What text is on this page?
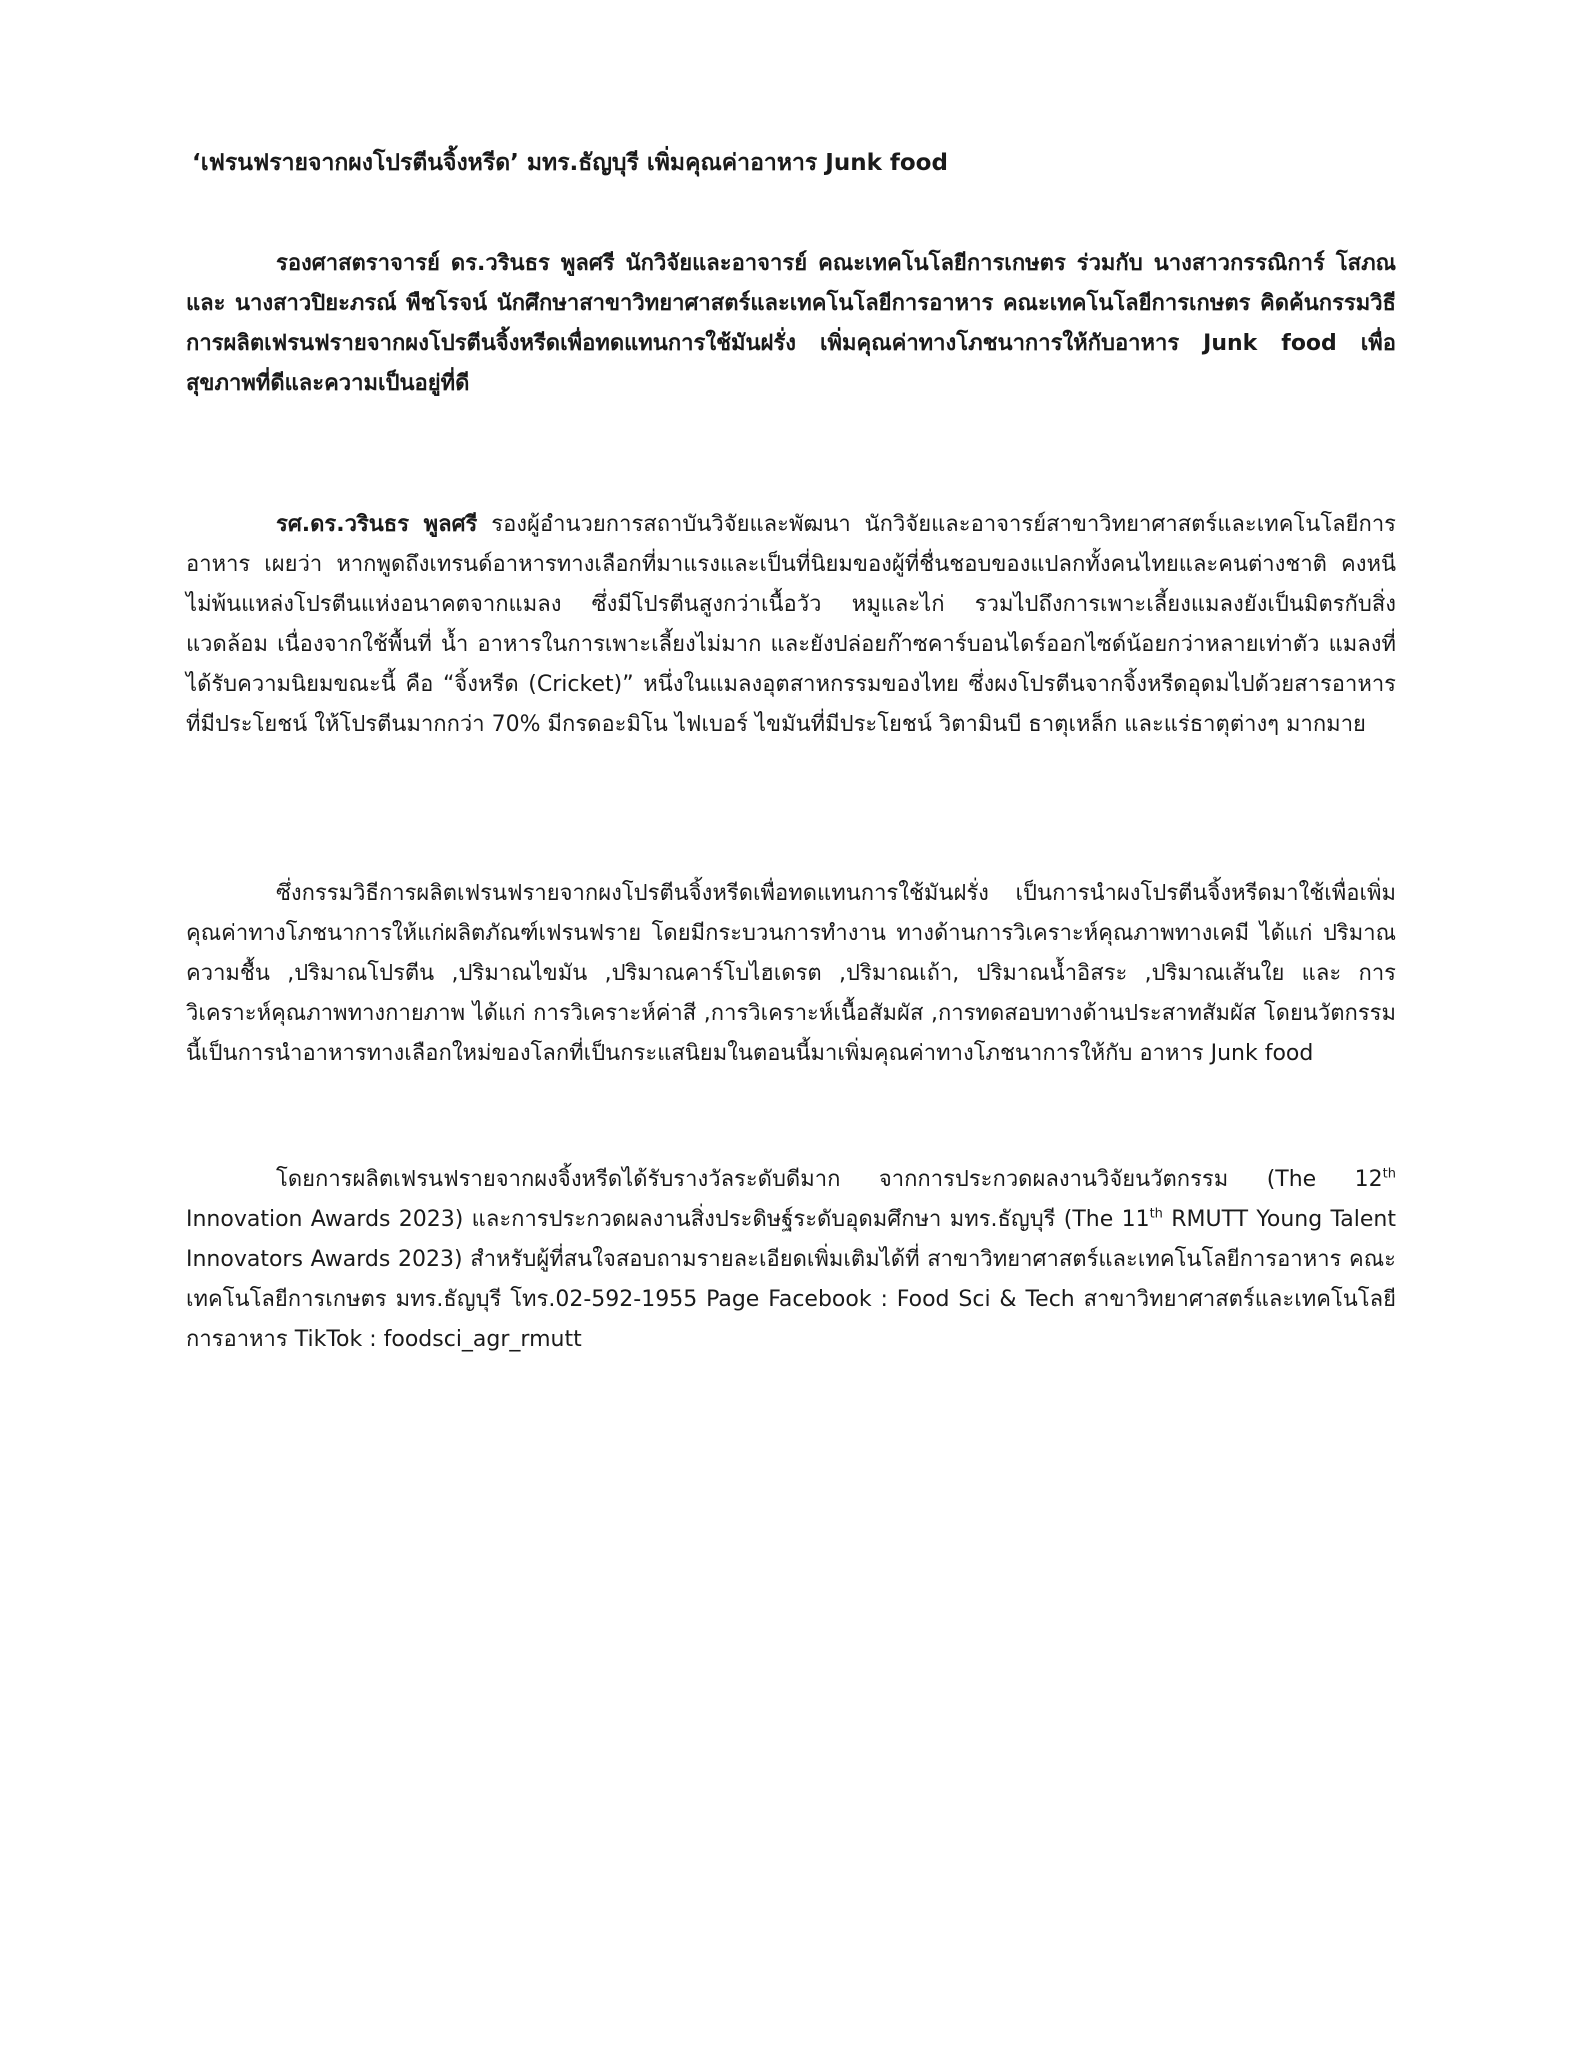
‘เฟรนฟรายจากผงโปรตีนจิ้งหรีด’ มทร.ธัญบุรี เพิ่มคุณค่าอาหาร Junk food

รองศาสตราจารย์ ดร.วรินธร พูลศรี นักวิจัยและอาจารย์ คณะเทคโนโลยีการเกษตร ร่วมกับ นางสาวกรรณิการ์ โสภณ และ นางสาวปิยะภรณ์ พืชโรจน์ นักศึกษาสาขาวิทยาศาสตร์และเทคโนโลยีการอาหาร คณะเทคโนโลยีการเกษตร คิดค้นกรรมวิธีการผลิตเฟรนฟรายจากผงโปรตีนจิ้งหรีดเพื่อทดแทนการใช้มันฝรั่ง เพิ่มคุณค่าทางโภชนาการให้กับอาหาร Junk food เพื่อสุขภาพที่ดีและความเป็นอยู่ที่ดี

รศ.ดร.วรินธร พูลศรี รองผู้อำนวยการสถาบันวิจัยและพัฒนา นักวิจัยและอาจารย์สาขาวิทยาศาสตร์และเทคโนโลยีการอาหาร เผยว่า หากพูดถึงเทรนด์อาหารทางเลือกที่มาแรงและเป็นที่นิยมของผู้ที่ชื่นชอบของแปลกทั้งคนไทยและคนต่างชาติ คงหนีไม่พ้นแหล่งโปรตีนแห่งอนาคตจากแมลง ซึ่งมีโปรตีนสูงกว่าเนื้อวัว หมูและไก่ รวมไปถึงการเพาะเลี้ยงแมลงยังเป็นมิตรกับสิ่งแวดล้อม เนื่องจากใช้พื้นที่ น้ำ อาหารในการเพาะเลี้ยงไม่มาก และยังปล่อยก๊าซคาร์บอนไดร์ออกไซด์น้อยกว่าหลายเท่าตัว แมลงที่ได้รับความนิยมขณะนี้ คือ “จิ้งหรีด (Cricket)” หนึ่งในแมลงอุตสาหกรรมของไทย ซึ่งผงโปรตีนจากจิ้งหรีดอุดมไปด้วยสารอาหารที่มีประโยชน์ ให้โปรตีนมากกว่า 70% มีกรดอะมิโน ไฟเบอร์ ไขมันที่มีประโยชน์ วิตามินบี ธาตุเหล็ก และแร่ธาตุต่างๆ มากมาย

ซึ่งกรรมวิธีการผลิตเฟรนฟรายจากผงโปรตีนจิ้งหรีดเพื่อทดแทนการใช้มันฝรั่ง เป็นการนำผงโปรตีนจิ้งหรีดมาใช้เพื่อเพิ่มคุณค่าทางโภชนาการให้แก่ผลิตภัณฑ์เฟรนฟราย โดยมีกระบวนการทำงาน ทางด้านการวิเคราะห์คุณภาพทางเคมี ได้แก่ ปริมาณความชื้น ,ปริมาณโปรตีน ,ปริมาณไขมัน ,ปริมาณคาร์โบไฮเดรต ,ปริมาณเถ้า, ปริมาณน้ำอิสระ ,ปริมาณเส้นใย และ การวิเคราะห์คุณภาพทางกายภาพ ได้แก่ การวิเคราะห์ค่าสี ,การวิเคราะห์เนื้อสัมผัส ,การทดสอบทางด้านประสาทสัมผัส โดยนวัตกรรมนี้เป็นการนำอาหารทางเลือกใหม่ของโลกที่เป็นกระแสนิยมในตอนนี้มาเพิ่มคุณค่าทางโภชนาการให้กับ อาหาร Junk food

โดยการผลิตเฟรนฟรายจากผงจิ้งหรีดได้รับรางวัลระดับดีมาก จากการประกวดผลงานวิจัยนวัตกรรม (The 12th Innovation Awards 2023) และการประกวดผลงานสิ่งประดิษฐ์ระดับอุดมศึกษา มทร.ธัญบุรี (The 11th RMUTT Young Talent Innovators Awards 2023) สำหรับผู้ที่สนใจสอบถามรายละเอียดเพิ่มเติมได้ที่ สาขาวิทยาศาสตร์และเทคโนโลยีการอาหาร คณะเทคโนโลยีการเกษตร มทร.ธัญบุรี โทร.02-592-1955 Page Facebook : Food Sci & Tech สาขาวิทยาศาสตร์และเทคโนโลยีการอาหาร TikTok : foodsci_agr_rmutt
